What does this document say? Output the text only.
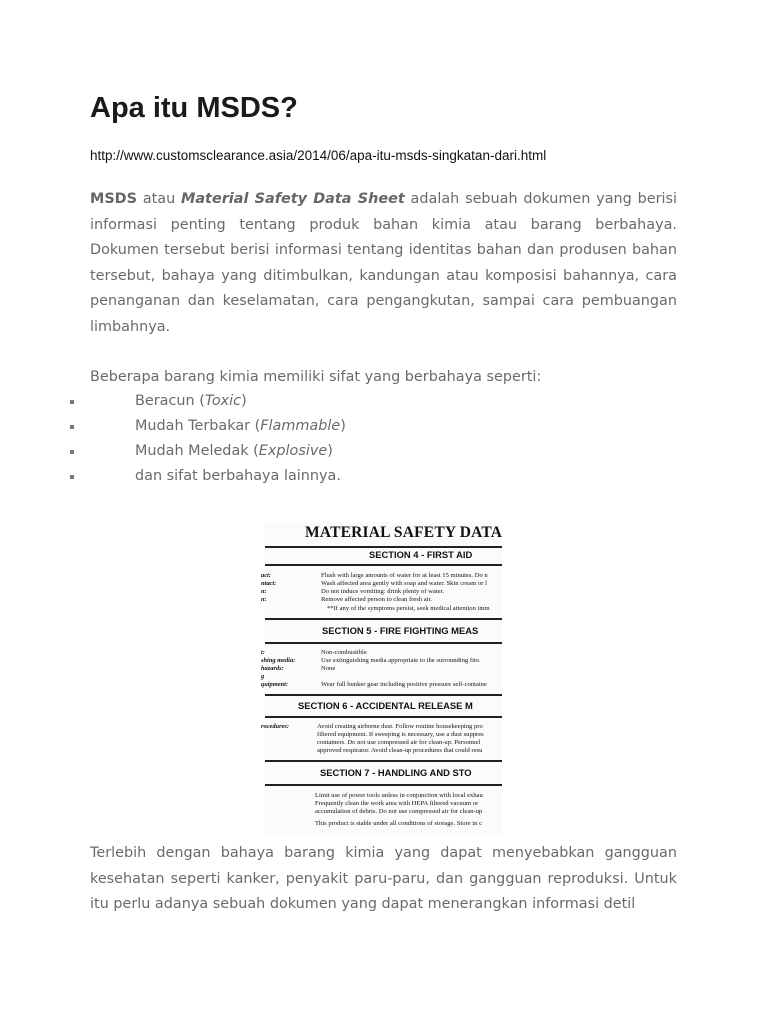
Apa itu MSDS?
http://www.customsclearance.asia/2014/06/apa-itu-msds-singkatan-dari.html

MSDS atau Material Safety Data Sheet adalah sebuah dokumen yang berisi informasi penting tentang produk bahan kimia atau barang berbahaya. Dokumen tersebut berisi informasi tentang identitas bahan dan produsen bahan tersebut, bahaya yang ditimbulkan, kandungan atau komposisi bahannya, cara penanganan dan keselamatan, cara pengangkutan, sampai cara pembuangan limbahnya.

Beberapa barang kimia memiliki sifat yang berbahaya seperti:

Beracun (Toxic)
Mudah Terbakar (Flammable)
Mudah Meledak (Explosive)
dan sifat berbahaya lainnya.
MATERIAL SAFETY DATA
SECTION 4 - FIRST AID
act:
ntact:
n:
n:
Flush with large amounts of water for at least 15 minutes. Do n
Wash affected area gently with soap and water. Skin cream or l
Do not induce vomiting: drink plenty of water.
Remove affected person to clean fresh air.
**If any of the symptoms persist, seek medical attention imm
SECTION 5 - FIRE FIGHTING MEAS
t:
shing media:
hazards:
g
quipment:
Non-combustible
Use extinguishing media appropriate to the surrounding fire.
None
Wear full bunker gear including positive pressure self-containe
SECTION 6 - ACCIDENTAL RELEASE M
rocedures:	Avoid creating airborne dust. Follow routine housekeeping pro
filtered equipment. If sweeping is necessary, use a dust suppres
containers. Do not use compressed air for clean-up. Personnel
approved respirator. Avoid clean-up procedures that could resu
SECTION 7 - HANDLING AND STO
Limit use of power tools unless in conjunction with local exhau
Frequently clean the work area with HEPA filtered vacuum or
accumulation of debris. Do not use compressed air for clean-up
This product is stable under all conditions of storage. Store in c

Terlebih dengan bahaya barang kimia yang dapat menyebabkan gangguan kesehatan seperti kanker, penyakit paru-paru, dan gangguan reproduksi. Untuk itu perlu adanya sebuah dokumen yang dapat menerangkan informasi detil
